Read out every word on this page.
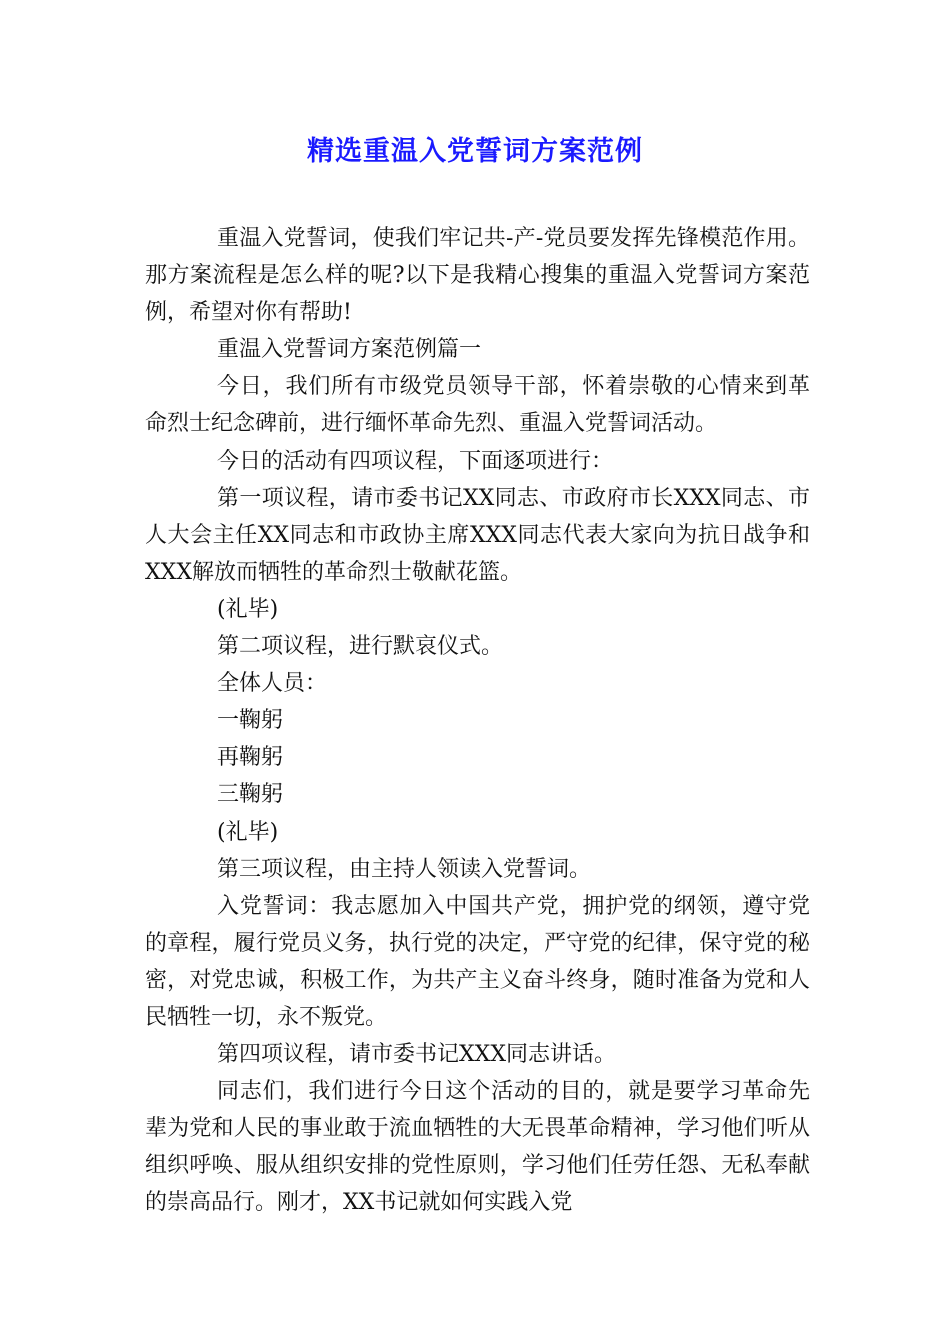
精选重温入党誓词方案范例

重温入党誓词，使我们牢记共-产-党员要发挥先锋模范作用。那方案流程是怎么样的呢?以下是我精心搜集的重温入党誓词方案范例，希望对你有帮助!

重温入党誓词方案范例篇一

今日，我们所有市级党员领导干部，怀着崇敬的心情来到革命烈士纪念碑前，进行缅怀革命先烈、重温入党誓词活动。

今日的活动有四项议程，下面逐项进行：

第一项议程，请市委书记XX同志、市政府市长XXX同志、市人大会主任XX同志和市政协主席XXX同志代表大家向为抗日战争和XXX解放而牺牲的革命烈士敬献花篮。

(礼毕)

第二项议程，进行默哀仪式。

全体人员：

一鞠躬

再鞠躬

三鞠躬

(礼毕)

第三项议程，由主持人领读入党誓词。

入党誓词：我志愿加入中国共产党，拥护党的纲领，遵守党的章程，履行党员义务，执行党的决定，严守党的纪律，保守党的秘密，对党忠诚，积极工作，为共产主义奋斗终身，随时准备为党和人民牺牲一切，永不叛党。

第四项议程，请市委书记XXX同志讲话。

同志们，我们进行今日这个活动的目的，就是要学习革命先辈为党和人民的事业敢于流血牺牲的大无畏革命精神，学习他们听从组织呼唤、服从组织安排的党性原则，学习他们任劳任怨、无私奉献的崇高品行。刚才，XX书记就如何实践入党
